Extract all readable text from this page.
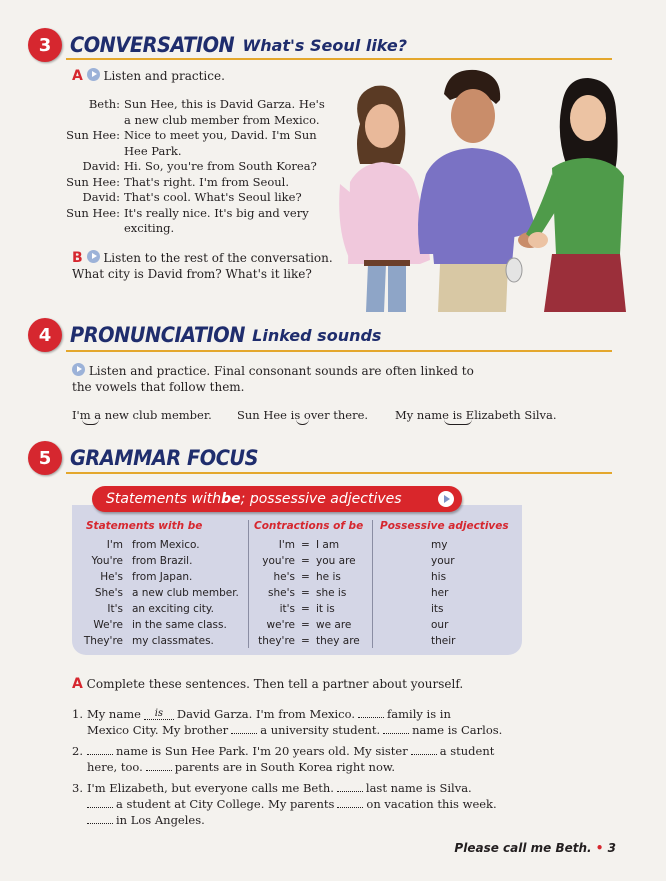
3 CONVERSATION What's Seoul like?
A Listen and practice.
Beth: Sun Hee, this is David Garza. He's
a new club member from Mexico.
Sun Hee: Nice to meet you, David. I'm Sun
Hee Park.
David: Hi. So, you're from South Korea?
Sun Hee: That's right. I'm from Seoul.
David: That's cool. What's Seoul like?
Sun Hee: It's really nice. It's big and very
exciting.
B Listen to the rest of the conversation.
What city is David from? What's it like?
4 PRONUNCIATION Linked sounds
Listen and practice. Final consonant sounds are often linked to
the vowels that follow them.
I'm a new club member. Sun Hee is over there. My name is Elizabeth Silva.
5 GRAMMAR FOCUS
Statements with be ; possessive adjectives
Statements with be	Contractions of be Possessive adjectives
I'm from Mexico.	I'm = I am	my
You're from Brazil.	you're = you are	your
He's from Japan.	he's = he is	his
She's a new club member.	she's = she is	her
It's an exciting city.	it's = it is	its
We're in the same class.	we're = we are	our
They're my classmates.	they're = they are	their
A Complete these sentences. Then tell a partner about yourself.
1. My name is David Garza. I'm from Mexico.	family is in
Mexico City. My brother	a university student.	name is Carlos.
2.	name is Sun Hee Park. I'm 20 years old. My sister	a student
here, too.	parents are in South Korea right now.
3. I'm Elizabeth, but everyone calls me Beth.	last name is Silva.
a student at City College. My parents	on vacation this week.
in Los Angeles.
Please call me Beth. • 3
